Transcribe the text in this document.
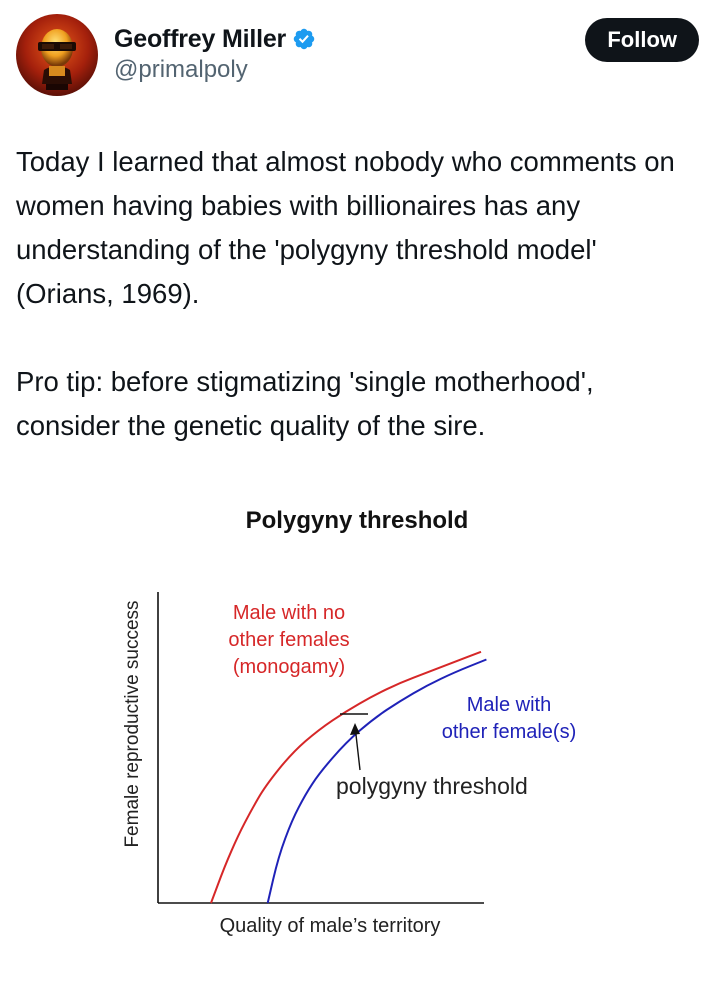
Geoffrey Miller
@primalpoly
Follow

Today I learned that almost nobody who comments on women having babies with billionaires has any understanding of the 'polygyny threshold model' (Orians, 1969).

Pro tip: before stigmatizing 'single motherhood', consider the genetic quality of the sire.

Polygyny threshold
Female reproductive success
Quality of male’s territory
Male with no
other females
(monogamy)
Male with
other female(s)
polygyny threshold
